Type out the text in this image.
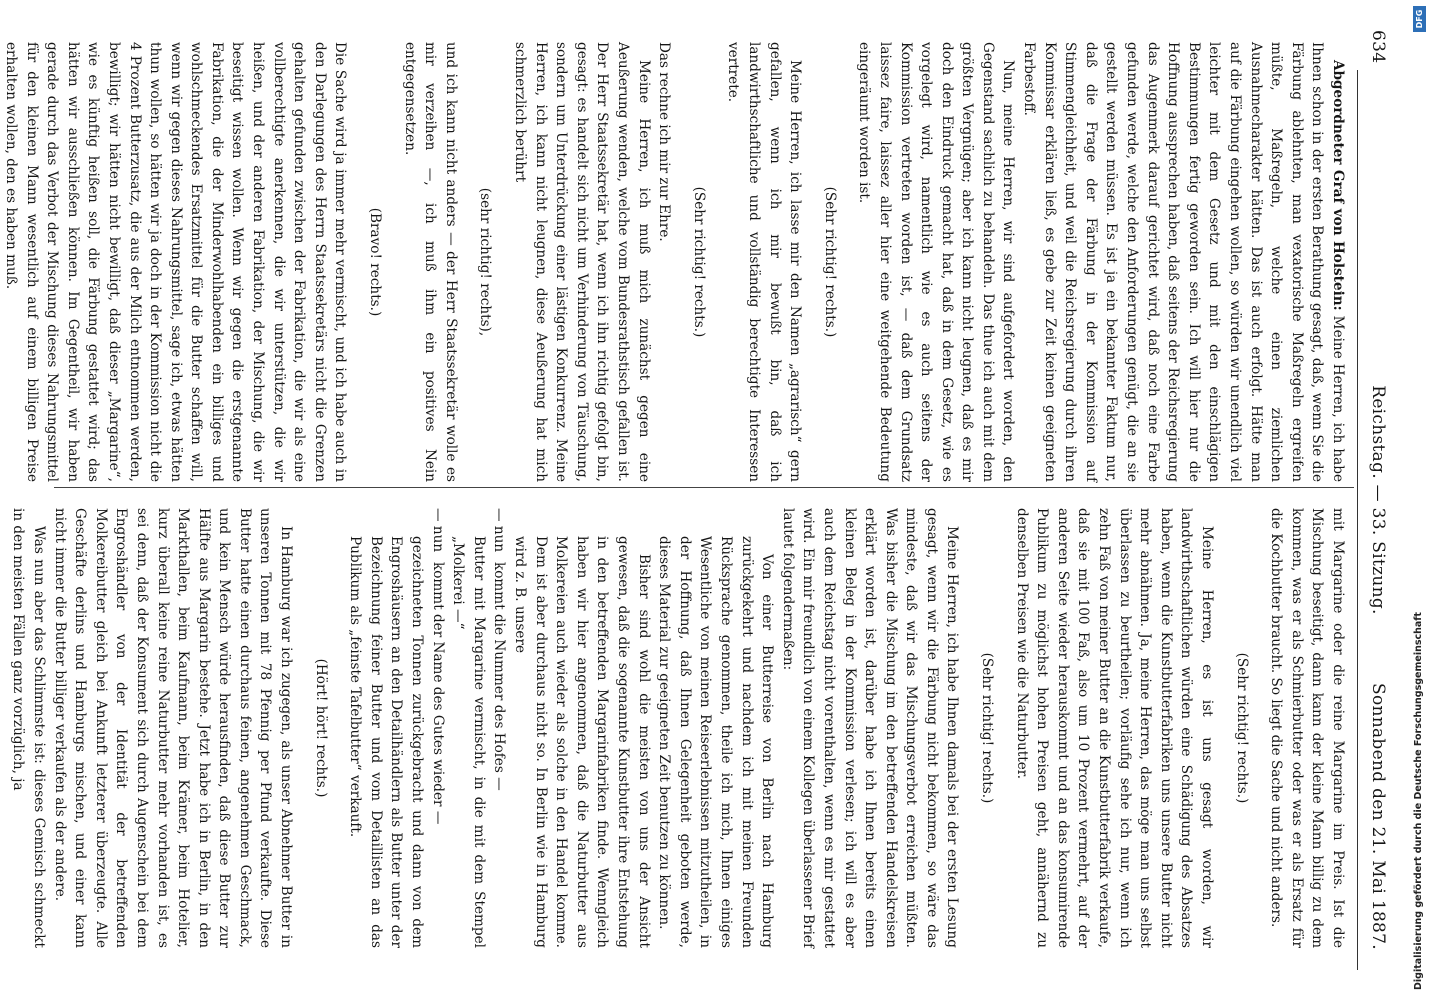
634
Reichstag. — 33. Sitzung.
Sonnabend den 21. Mai 1887.

Abgeordneter Graf von Holstein: Meine Herren, ich habe Ihnen schon in der ersten Berathung gesagt, daß, wenn Sie die Färbung ablehnten, man vexatorische Maßregeln ergreifen müßte, Maßregeln, welche einen ziemlichen Ausnahmecharakter hätten. Das ist auch erfolgt. Hätte man auf die Färbung eingehen wollen, so würden wir unendlich viel leichter mit dem Gesetz und mit den einschlägigen Bestimmungen fertig geworden sein. Ich will hier nur die Hoffnung aussprechen haben, daß seitens der Reichsregierung das Augenmerk darauf gerichtet wird, daß noch eine Farbe gefunden werde, welche den Anforderungen genügt, die an sie gestellt werden müssen. Es ist ja ein bekannter Faktum nur, daß die Frage der Färbung in der Kommission auf Stimmengleichheit, und weil die Reichsregierung durch ihren Kommissar erklären ließ, es gebe zur Zeit keinen geeigneten Farbestoff.

Nun, meine Herren, wir sind aufgefordert worden, den Gegenstand sachlich zu behandeln. Das thue ich auch mit dem größten Vergnügen; aber ich kann nicht leugnen, daß es mir doch den Eindruck gemacht hat, daß in dem Gesetz, wie es vorgelegt wird, namentlich wie es auch seitens der Kommission vertreten worden ist, — daß dem Grundsatz laissez faire, laissez aller hier eine weitgehende Bedeutung eingeräumt worden ist.

(Sehr richtig! rechts.)

Meine Herren, ich lasse mir den Namen „agrarisch“ gern gefallen, wenn ich mir bewußt bin, daß ich landwirthschaftliche und vollständig berechtigte Interessen vertrete.

(Sehr richtig! rechts.)

Das rechne ich mir zur Ehre.

Meine Herren, ich muß mich zunächst gegen eine Aeußerung wenden, welche vom Bundesrathstisch gefallen ist. Der Herr Staatssekretär hat, wenn ich ihn richtig gefolgt bin, gesagt: es handelt sich nicht um Verhinderung von Täuschung, sondern um Unterdrückung einer lästigen Konkurrenz. Meine Herren, ich kann nicht leugnen, diese Aeußerung hat mich schmerzlich berührt

(sehr richtig! rechts),

und ich kann nicht anders — der Herr Staatssekretär wolle es mir verzeihen —, ich muß ihm ein positives Nein entgegensetzen.

(Bravo! rechts.)

Die Sache wird ja immer mehr vermischt, und ich habe auch in den Darlegungen des Herrn Staatssekretärs nicht die Grenzen gehalten gefunden zwischen der Fabrikation, die wir als eine vollberechtigte anerkennen, die wir unterstützen, die wir heißen, und der anderen Fabrikation, der Mischung, die wir beseitigt wissen wollen. Wenn wir gegen die erstgenannte Fabrikation, die der Minderwohlhabenden ein billiges und wohlschmeckendes Ersatzmittel für die Butter schaffen will, wenn wir gegen dieses Nahrungsmittel, sage ich, etwas hätten thun wollen, so hätten wir ja doch in der Kommission nicht die 4 Prozent Butterzusatz, die aus der Milch entnommen werden, bewilligt; wir hätten nicht bewilligt, daß dieser „Margarine“, wie es künftig heißen soll, die Färbung gestattet wird; das hätten wir ausschließen können. Im Gegentheil, wir haben gerade durch das Verbot der Mischung dieses Nahrungsmittel für den kleinen Mann wesentlich auf einem billigen Preise erhalten wollen, den es haben muß.

mit Margarine oder die reine Margarine im Preis. Ist die Mischung beseitigt, dann kann der kleine Mann billig zu dem kommen, was er als Schmierbutter oder was er als Ersatz für die Kochbutter braucht. So liegt die Sache und nicht anders.

(Sehr richtig! rechts.)

Meine Herren, es ist uns gesagt worden, wir landwirthschaftlichen würden eine Schädigung des Absatzes haben, wenn die Kunstbutterfabriken uns unsere Butter nicht mehr abnähmen. Ja, meine Herren, das möge man uns selbst überlassen zu beurtheilen; vorläufig sehe ich nur, wenn ich zehn Faß von meiner Butter an die Kunstbutterfabrik verkaufe, daß sie mit 100 Faß, also um 10 Prozent vermehrt, auf der anderen Seite wieder herauskommt und an das konsumirende Publikum zu möglichst hohen Preisen geht, annähernd zu denselben Preisen wie die Naturbutter.

(Sehr richtig! rechts.)

Meine Herren, ich habe Ihnen damals bei der ersten Lesung gesagt, wenn wir die Färbung nicht bekommen, so wäre das mindeste, daß wir das Mischungsverbot erreichen müßten. Was bisher die Mischung im den betreffenden Handelskreisen erklärt worden ist, darüber habe ich Ihnen bereits einen kleinen Beleg in der Kommission verlesen; ich will es aber auch dem Reichstag nicht vorenthalten, wenn es mir gestattet wird. Ein mir freundlich von einem Kollegen überlassener Brief lautet folgendermaßen:

Von einer Butterreise von Berlin nach Hamburg zurückgekehrt und nachdem ich mit meinen Freunden Rücksprache genommen, theile ich mich, Ihnen einiges Wesentliche von meinen Reiseerlebnissen mitzutheilen, in der Hoffnung, daß Ihnen Gelegenheit geboten werde, dieses Material zur geeigneten Zeit benutzen zu können.

Bisher sind wohl die meisten von uns der Ansicht gewesen, daß die sogenannte Kunstbutter ihre Entstehung in den betreffenden Margarinfabriken finde. Wenngleich haben wir hier angenommen, daß die Naturbutter aus Molkereien auch wieder als solche in den Handel komme. Dem ist aber durchaus nicht so. In Berlin wie in Hamburg wird z. B. unsere

— nunkommt die Nummer des Hofes —

Butter mit Margarine vermischt, in die mit dem Stempel „Molkerei —“

— nunkommt der Name des Gutes wieder —

gezeichneten Tonnen zurückgebracht und dann von dem Engroshäusern an den Detailhändlern als Butter unter der Bezeichnung feiner Butter und vom Detaillisten an das Publikum als „feinste Tafelbutter“ verkauft.

(Hört! hört! rechts.)

In Hamburg war ich zugegen, als unser Abnehmer Butter in unseren Tonnen mit 78 Pfennig per Pfund verkaufte. Diese Butter hatte einen durchaus feinen, angenehmen Geschmack, und kein Mensch würde herausfinden, daß diese Butter zur Hälfte aus Margarin bestehe. Jetzt habe ich in Berlin, in den Markthallen, beim Kaufmann, beim Krämer, beim Hotelier, kurz überall keine reine Naturbutter mehr vorhanden ist, es sei denn, daß der Konsument sich durch Augenschein bei dem Engroshändler von der Identität der betreffenden Molkereibutter gleich bei Ankunft letzterer überzeugte. Alle Geschäfte derlins und Hamburgs mischen, und einer kann nicht immer die Butter billiger verkaufen als der andere.

Was nun aber das Schlimmste ist: dieses Gemisch schmeckt in den meisten Fällen ganz vorzüglich, ja

DFG
Digitalisierung gefördert durch die Deutsche Forschungsgemeinschaft
